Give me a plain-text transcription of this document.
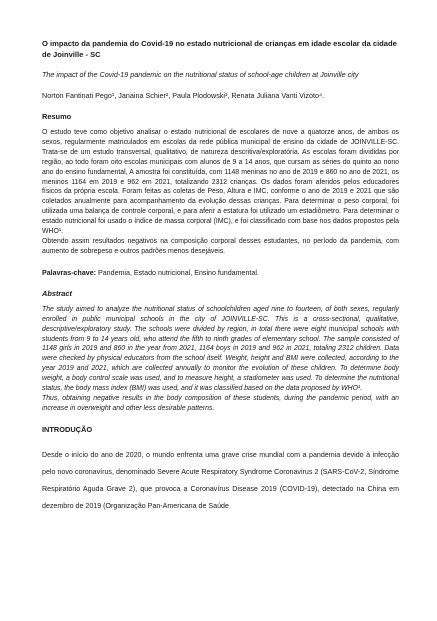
O impacto da pandemia do Covid-19 no estado nutricional de crianças em idade escolar da cidade de Joinville - SC

The impact of the Covid-19 pandemic on the nutritional status of school-age children at Joinville city

Norton Fantinati Pego¹, Janaina Schier², Paula Plodowski³, Renata Juliana Vanti Vizoto⁴.

Resumo

O estudo teve como objetivo analisar o estado nutricional de escolares de nove a quatorze anos, de ambos os sexos, regularmente matriculados em escolas da rede pública municipal de ensino da cidade de JOINVILLE-SC. Trata-se de um estudo transversal, qualitativo, de natureza descritiva/exploratória. As escolas foram divididas por região, ao todo foram oito escolas municipais com alunos de 9 a 14 anos, que cursam as séries do quinto ao nono ano do ensino fundamental, A amostra foi constituída, com 1148 meninas no ano de 2019 e 860 no ano de 2021, os meninos 1164 em 2019 e 962 em 2021, totalizando 2312 crianças. Os dados foram aferidos pelos educadores físicos da própria escola. Foram feitas as coletas de Peso, Altura e IMC, conforme o ano de 2019 e 2021 que são coletados anualmente para acompanhamento da evolução dessas crianças. Para determinar o peso corporal, foi utilizada uma balança de controle corporal, e para aferir a estatura foi utilizado um estadiômetro. Para determinar o estado nutricional foi usado o índice de massa corporal (IMC), e foi classificado com base nos dados propostos pela WHO¹.

Obtendo assim resultados negativos na composição corporal desses estudantes, no período da pandemia, com aumento de sobrepeso e outros padrões menos desejáveis.

Palavras-chave: Pandemia, Estado nutricional, Ensino fundamental.

Abstract

The study aimed to analyze the nutritional status of schoolchildren aged nine to fourteen, of both sexes, regularly enrolled in public municipal schools in the city of JOINVILLE-SC. This is a cross-sectional, qualitative, descriptive/exploratory study. The schools were divided by region, in total there were eight municipal schools with students from 9 to 14 years old, who attend the fifth to ninth grades of elementary school. The sample consisted of 1148 girls in 2019 and 860 in the year from 2021, 1164 boys in 2019 and 962 in 2021, totaling 2312 children. Data were checked by physical educators from the school itself. Weight, height and BMI were collected, according to the year 2019 and 2021, which are collected annually to monitor the evolution of these children. To determine body weight, a body control scale was used, and to measure height, a stadiometer was used. To determine the nutritional status, the body mass index (BMI) was used, and it was classified based on the data proposed by WHO¹.

Thus, obtaining negative results in the body composition of these students, during the pandemic period, with an increase in overweight and other less desirable patterns.

INTRODUÇÃO

Desde o início do ano de 2020, o mundo enfrenta uma grave crise mundial com a pandemia devido à infecção pelo novo coronavírus, denominado Severe Acute Respiratory Syndrome Coronavirus 2 (SARS-CoV-2, Síndrome Respiratório Aguda Grave 2), que provoca a Coronavírus Disease 2019 (COVID-19), detectado na China em dezembro de 2019 (Organização Pan-Americana de Saúde
